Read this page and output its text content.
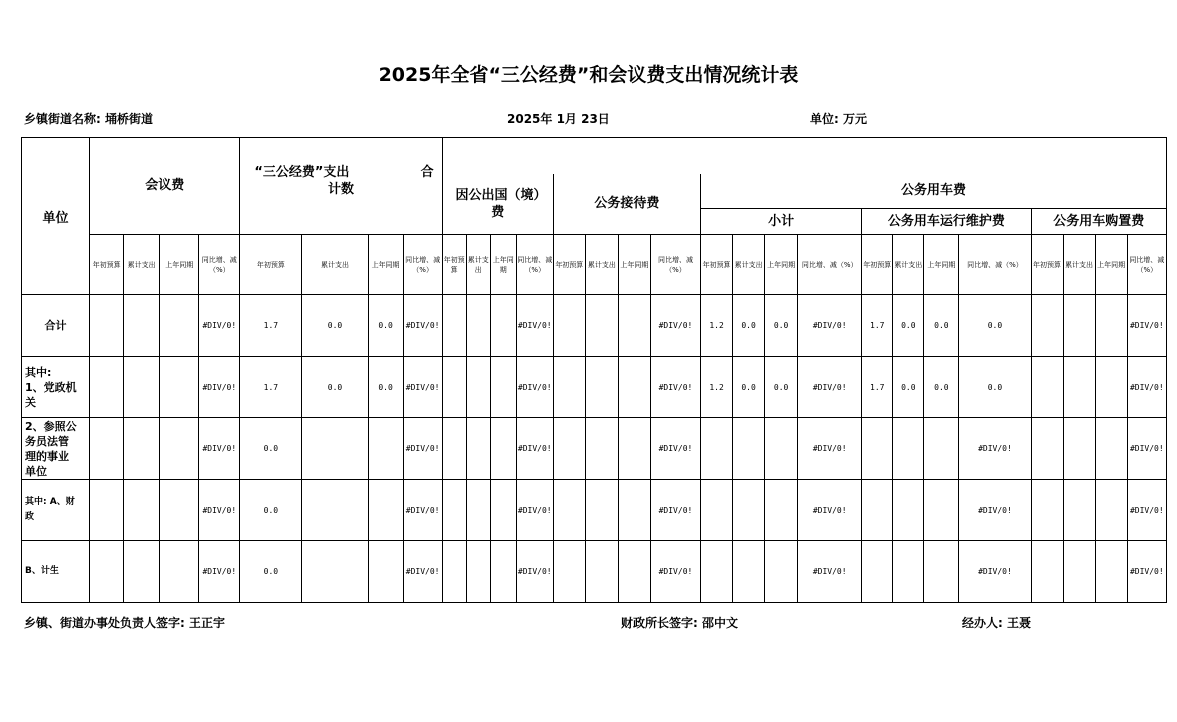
2025年全省“三公经费”和会议费支出情况统计表
乡镇街道名称: 埇桥街道	2025年 1月 23日	单位: 万元
单位	会议费				“三公经费”支出 合
计数																							

									因公出国（境）费				公务接待费				公务用车费											
																	小计				公务用车运行维护费				公务用车购置费			
	年初预算	累计支出	上年同期	同比增、减（%）	年初预算	累计支出	上年同期	同比增、减（%）	年初预算	累计支出	上年同期	同比增、减（%）	年初预算	累计支出	上年同期	同比增、减（%）	年初预算	累计支出	上年同期	同比增、减（%）	年初预算	累计支出	上年同期	同比增、减（%）	年初预算	累计支出	上年同期	同比增、减（%）

合计				#DIV/0!	1.7	0.0	0.0	#DIV/0!				#DIV/0!				#DIV/0!	1.2	0.0	0.0	#DIV/0!	1.7	0.0	0.0	0.0				#DIV/0!

其中:
1、党政机
关				#DIV/0!	1.7	0.0	0.0	#DIV/0!				#DIV/0!				#DIV/0!	1.2	0.0	0.0	#DIV/0!	1.7	0.0	0.0	0.0				#DIV/0!

2、参照公
务员法管
理的事业
单位				#DIV/0!	0.0			#DIV/0!				#DIV/0!				#DIV/0!				#DIV/0!				#DIV/0!				#DIV/0!

其中: A、财
政				#DIV/0!	0.0			#DIV/0!				#DIV/0!				#DIV/0!				#DIV/0!				#DIV/0!				#DIV/0!

B、计生				#DIV/0!	0.0			#DIV/0!				#DIV/0!				#DIV/0!				#DIV/0!				#DIV/0!				#DIV/0!
乡镇、街道办事处负责人签字: 王正宇	财政所长签字: 邵中文	经办人: 王聂
